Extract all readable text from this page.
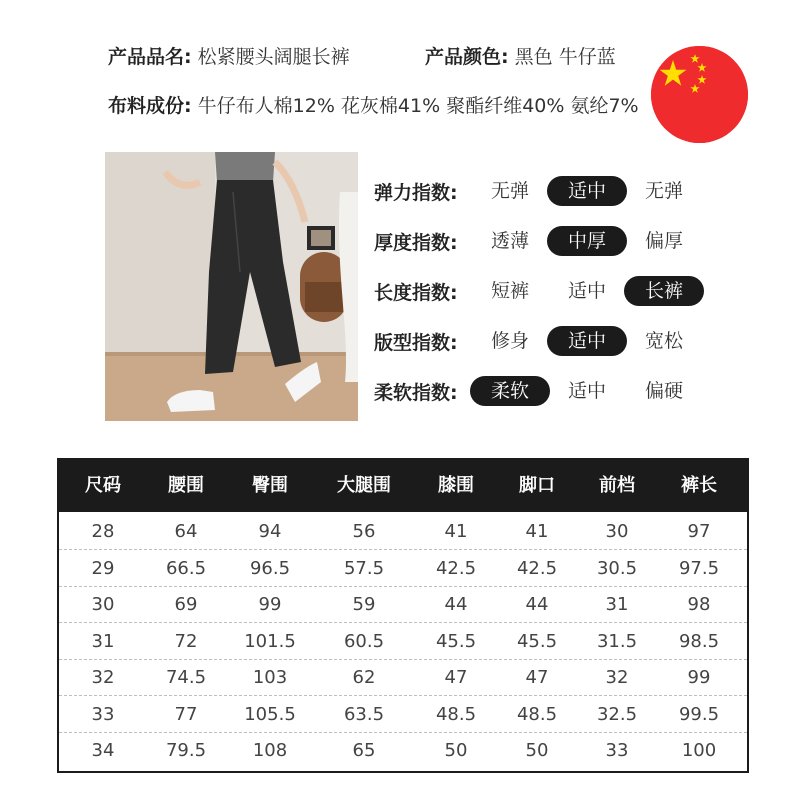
产品品名: 松紧腰头阔腿长裤	产品颜色: 黑色 牛仔蓝
布料成份: 牛仔布人棉12% 花灰棉41% 聚酯纤维40% 氨纶7%
弹力指数:	无弹	适中	无弹
厚度指数:	透薄	中厚	偏厚
长度指数:	短裤	适中	长裤
版型指数:	修身	适中	宽松
柔软指数:	柔软	适中	偏硬
尺码	腰围	臀围	大腿围	膝围	脚口	前档	裤长
28	64	94	56	41	41	30	97
29	66.5	96.5	57.5	42.5	42.5	30.5	97.5
30	69	99	59	44	44	31	98
31	72	101.5	60.5	45.5	45.5	31.5	98.5
32	74.5	103	62	47	47	32	99
33	77	105.5	63.5	48.5	48.5	32.5	99.5
34	79.5	108	65	50	50	33	100
